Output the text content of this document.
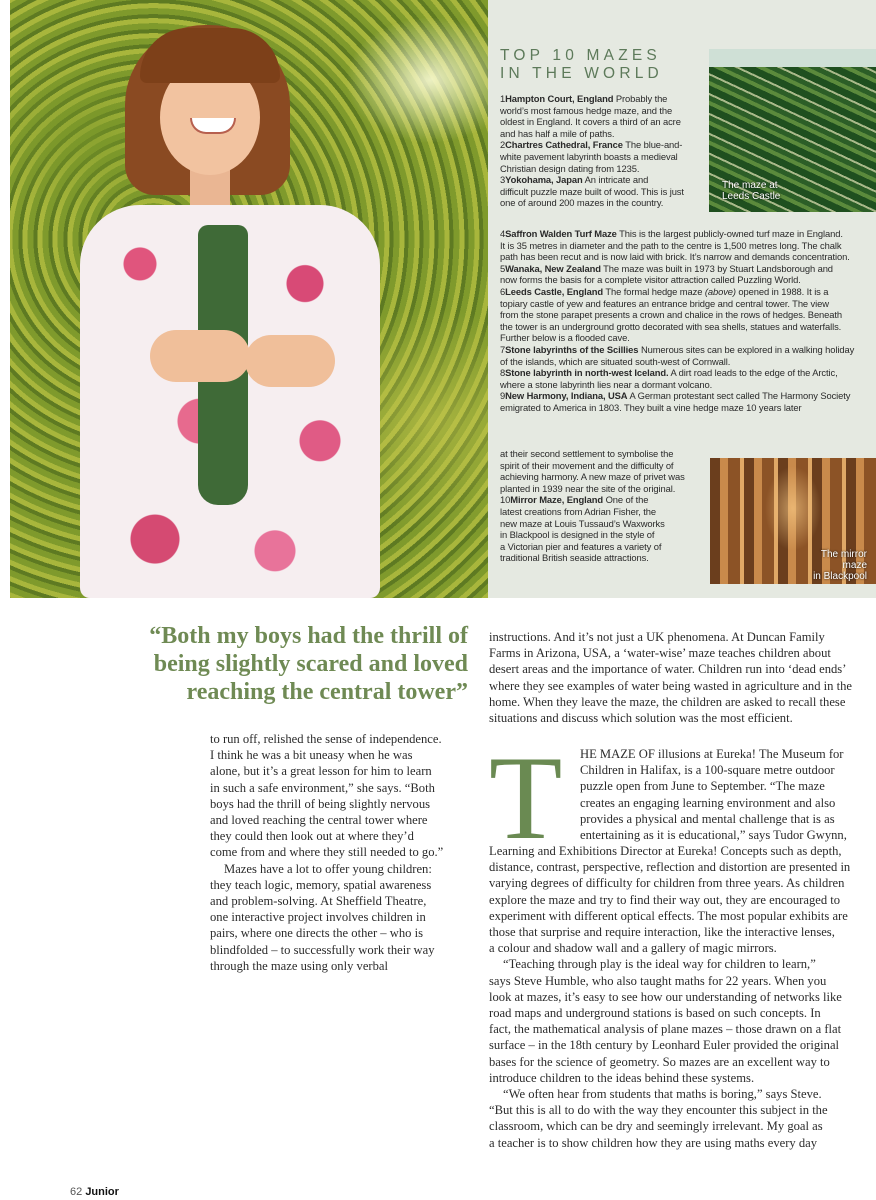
TOP 10 MAZES
IN THE WORLD
The maze at
Leeds Castle
The mirror maze
in Blackpool
1Hampton Court, England Probably the
world’s most famous hedge maze, and the
oldest in England. It covers a third of an acre
and has half a mile of paths.
2Chartres Cathedral, France The blue-and-
white pavement labyrinth boasts a medieval
Christian design dating from 1235.
3Yokohama, Japan An intricate and
difficult puzzle maze built of wood. This is just
one of around 200 mazes in the country.
4Saffron Walden Turf Maze This is the largest publicly-owned turf maze in England.
It is 35 metres in diameter and the path to the centre is 1,500 metres long. The chalk
path has been recut and is now laid with brick. It’s narrow and demands concentration.
5Wanaka, New Zealand The maze was built in 1973 by Stuart Landsborough and
now forms the basis for a complete visitor attraction called Puzzling World.
6Leeds Castle, England The formal hedge maze (above) opened in 1988. It is a
topiary castle of yew and features an entrance bridge and central tower. The view
from the stone parapet presents a crown and chalice in the rows of hedges. Beneath
the tower is an underground grotto decorated with sea shells, statues and waterfalls.
Further below is a flooded cave.
7Stone labyrinths of the Scillies Numerous sites can be explored in a walking holiday
of the islands, which are situated south-west of Cornwall.
8Stone labyrinth in north-west Iceland. A dirt road leads to the edge of the Arctic,
where a stone labyrinth lies near a dormant volcano.
9New Harmony, Indiana, USA A German protestant sect called The Harmony Society
emigrated to America in 1803. They built a vine hedge maze 10 years later
at their second settlement to symbolise the
spirit of their movement and the difficulty of
achieving harmony. A new maze of privet was
planted in 1939 near the site of the original.
10Mirror Maze, England One of the
latest creations from Adrian Fisher, the
new maze at Louis Tussaud’s Waxworks
in Blackpool is designed in the style of
a Victorian pier and features a variety of
traditional British seaside attractions.
“Both my boys had the thrill of
being slightly scared and loved
reaching the central tower”
to run off, relished the sense of independence.
I think he was a bit uneasy when he was
alone, but it’s a great lesson for him to learn
in such a safe environment,” she says. “Both
boys had the thrill of being slightly nervous
and loved reaching the central tower where
they could then look out at where they’d
come from and where they still needed to go.”
Mazes have a lot to offer young children:
they teach logic, memory, spatial awareness
and problem-solving. At Sheffield Theatre,
one interactive project involves children in
pairs, where one directs the other – who is
blindfolded – to successfully work their way
through the maze using only verbal
instructions. And it’s not just a UK phenomena. At Duncan Family
Farms in Arizona, USA, a ‘water-wise’ maze teaches children about
desert areas and the importance of water. Children run into ‘dead ends’
where they see examples of water being wasted in agriculture and in the
home. When they leave the maze, the children are asked to recall these
situations and discuss which solution was the most efficient.
T	HE MAZE OF illusions at Eureka! The Museum for
Children in Halifax, is a 100-square metre outdoor
puzzle open from June to September. “The maze
creates an engaging learning environment and also
provides a physical and mental challenge that is as
entertaining as it is educational,” says Tudor Gwynn,
Learning and Exhibitions Director at Eureka! Concepts such as depth,
distance, contrast, perspective, reflection and distortion are presented in
varying degrees of difficulty for children from three years. As children
explore the maze and try to find their way out, they are encouraged to
experiment with different optical effects. The most popular exhibits are
those that surprise and require interaction, like the interactive lenses,
a colour and shadow wall and a gallery of magic mirrors.
“Teaching through play is the ideal way for children to learn,”
says Steve Humble, who also taught maths for 22 years. When you
look at mazes, it’s easy to see how our understanding of networks like
road maps and underground stations is based on such concepts. In
fact, the mathematical analysis of plane mazes – those drawn on a flat
surface – in the 18th century by Leonhard Euler provided the original
bases for the science of geometry. So mazes are an excellent way to
introduce children to the ideas behind these systems.
“We often hear from students that maths is boring,” says Steve.
“But this is all to do with the way they encounter this subject in the
classroom, which can be dry and seemingly irrelevant. My goal as
a teacher is to show children how they are using maths every day
62 Junior
